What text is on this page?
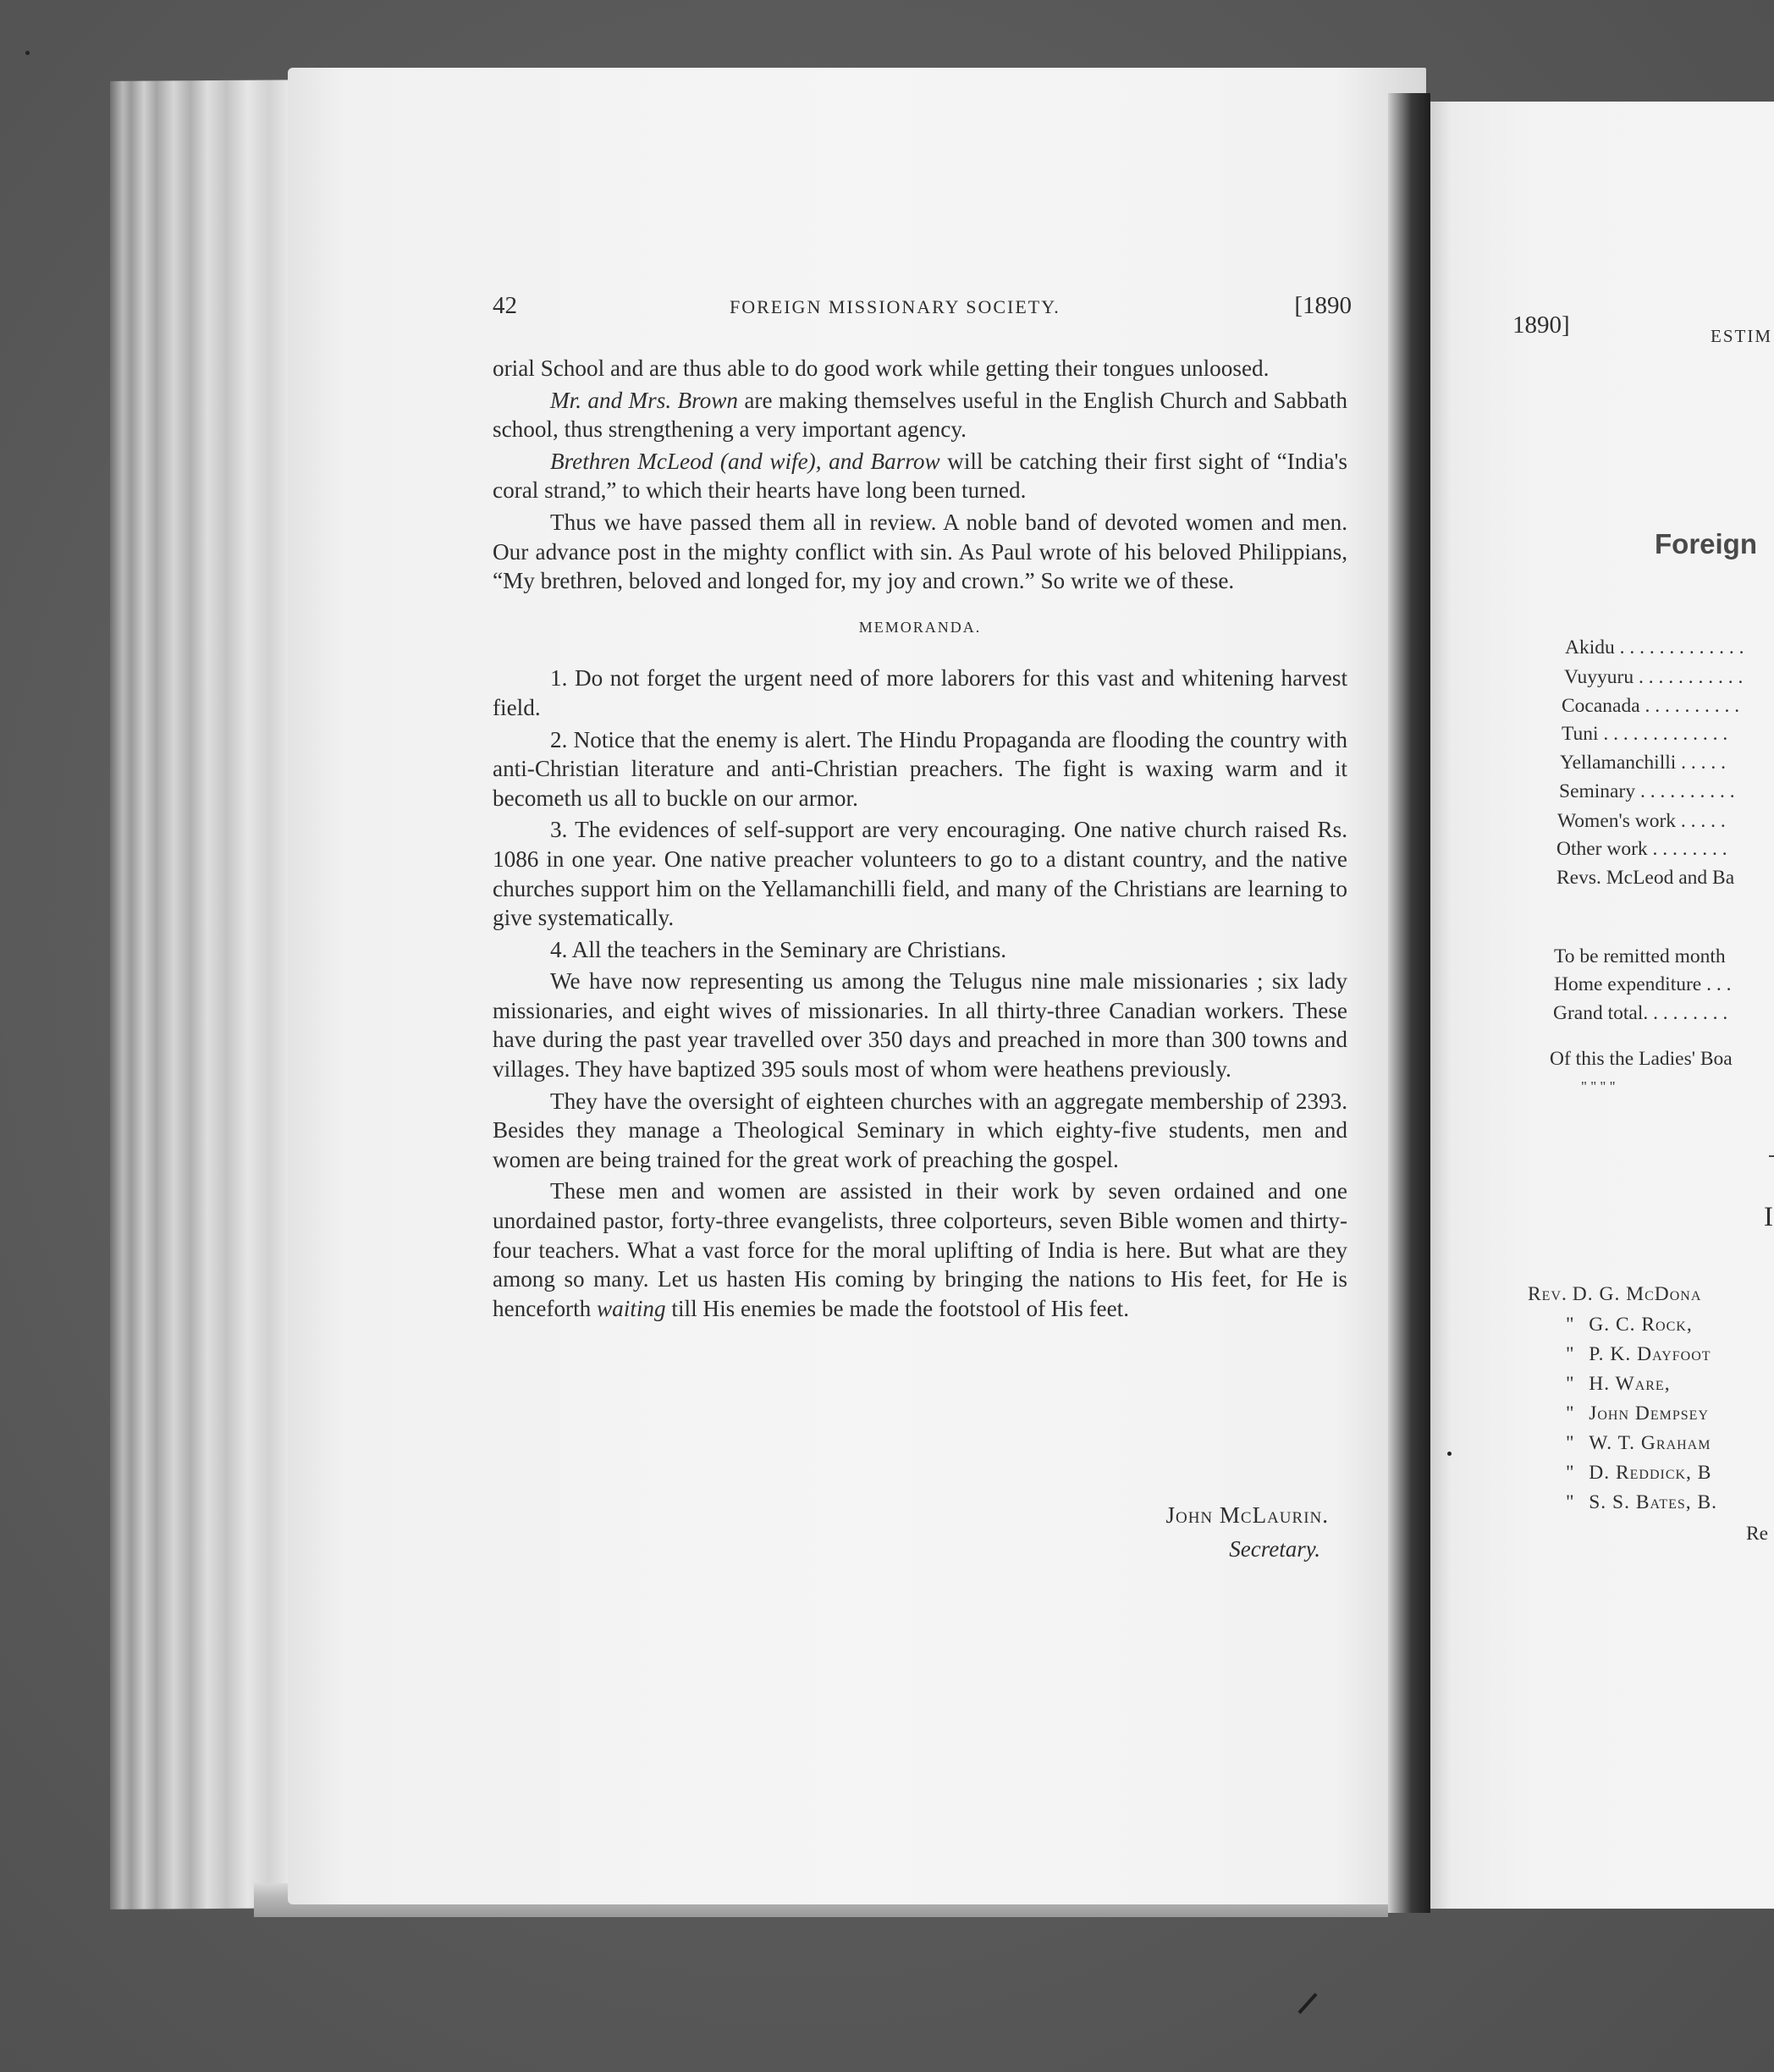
42	FOREIGN MISSIONARY SOCIETY.	[1890

orial School and are thus able to do good work while getting their tongues unloosed.

Mr. and Mrs. Brown are making themselves useful in the English Church and Sabbath school, thus strengthening a very important agency.

Brethren McLeod (and wife), and Barrow will be catching their first sight of “India's coral strand,” to which their hearts have long been turned.

Thus we have passed them all in review. A noble band of devoted women and men. Our advance post in the mighty conflict with sin. As Paul wrote of his beloved Philippians, “My brethren, beloved and longed for, my joy and crown.” So write we of these.

MEMORANDA.

1. Do not forget the urgent need of more laborers for this vast and whitening harvest field.

2. Notice that the enemy is alert. The Hindu Propaganda are flooding the country with anti-Christian literature and anti-Christian preachers. The fight is waxing warm and it becometh us all to buckle on our armor.

3. The evidences of self-support are very encouraging. One native church raised Rs. 1086 in one year. One native preacher volunteers to go to a distant country, and the native churches support him on the Yellamanchilli field, and many of the Christians are learning to give systematically.

4. All the teachers in the Seminary are Christians.

We have now representing us among the Telugus nine male missionaries ; six lady missionaries, and eight wives of missionaries. In all thirty-three Canadian workers. These have during the past year travelled over 350 days and preached in more than 300 towns and villages. They have baptized 395 souls most of whom were heathens previously.

They have the oversight of eighteen churches with an aggregate membership of 2393. Besides they manage a Theological Seminary in which eighty-five students, men and women are being trained for the great work of preaching the gospel.

These men and women are assisted in their work by seven ordained and one unordained pastor, forty-three evangelists, three colporteurs, seven Bible women and thirty-four teachers. What a vast force for the moral uplifting of India is here. But what are they among so many. Let us hasten His coming by bringing the nations to His feet, for He is henceforth waiting till His enemies be made the footstool of His feet.

John McLaurin.
Secretary.
1890]	ESTIM
Foreign
Akidu . . . . . . . . . . . . .
Vuyyuru . . . . . . . . . . .
Cocanada . . . . . . . . . .
Tuni . . . . . . . . . . . . .
Yellamanchilli . . . . .
Seminary . . . . . . . . . .
Women's work . . . . .
Other work . . . . . . . .
Revs. McLeod and Ba
To be remitted month
Home expenditure . . .
Grand total. . . . . . . . .
Of this the Ladies' Boa
" " " "
I
Rev. D. G. McDona
" G. C. Rock,
" P. K. Dayfoot
" H. Ware,
" John Dempsey
" W. T. Graham
" D. Reddick, B
" S. S. Bates, B.
Re
